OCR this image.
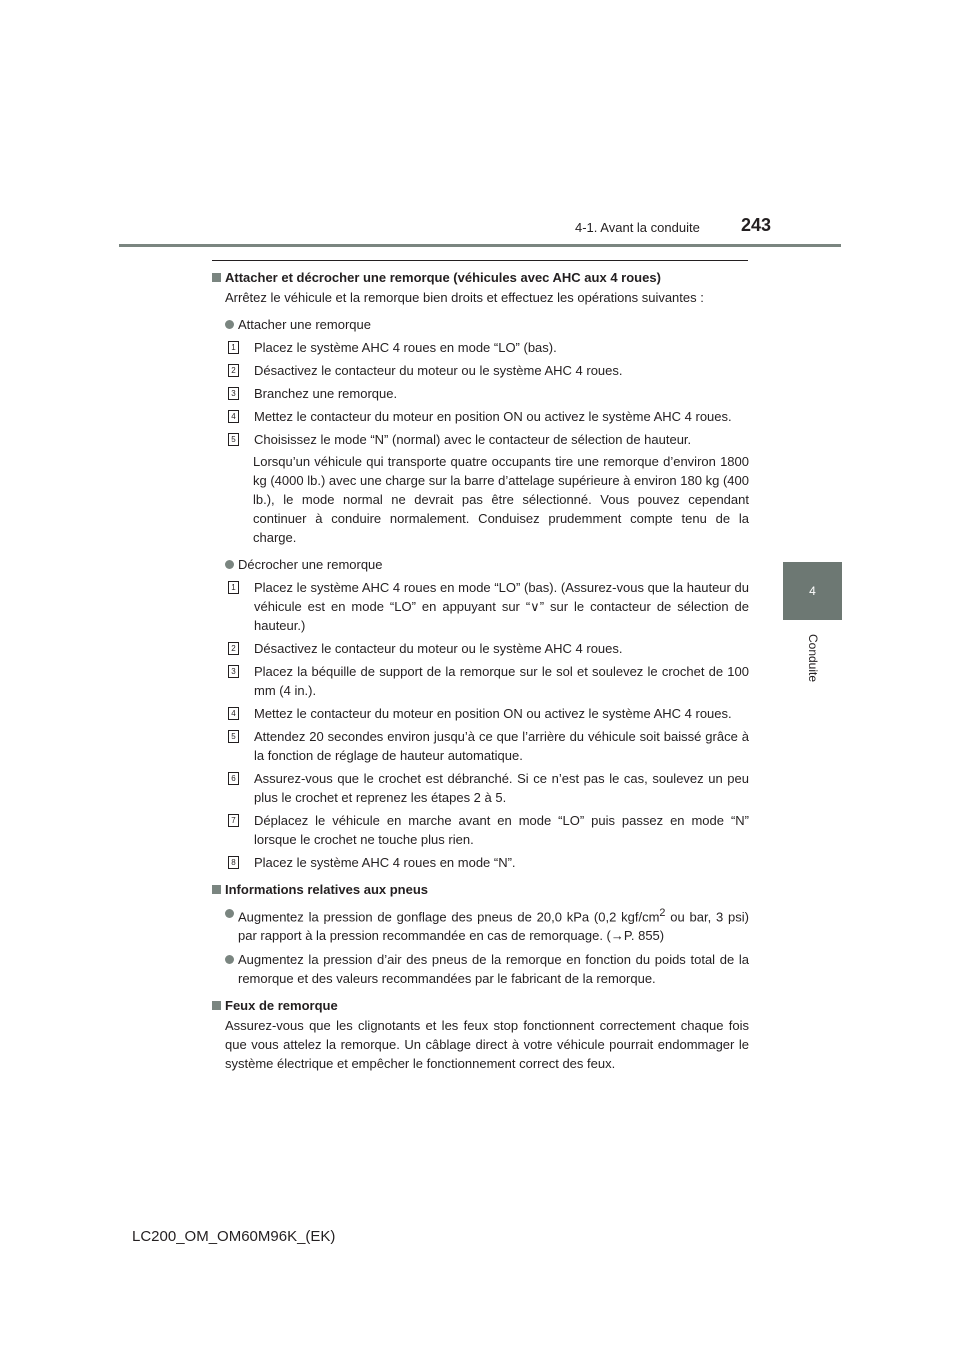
243
4-1. Avant la conduite
4
Conduite

Attacher et décrocher une remorque (véhicules avec AHC aux 4 roues)

Arrêtez le véhicule et la remorque bien droits et effectuez les opérations suivantes :

Attacher une remorque
1 Placez le système AHC 4 roues en mode “LO” (bas).
2 Désactivez le contacteur du moteur ou le système AHC 4 roues.
3 Branchez une remorque.
4 Mettez le contacteur du moteur en position ON ou activez le système AHC 4 roues.
5 Choisissez le mode “N” (normal) avec le contacteur de sélection de hauteur.

Lorsqu’un véhicule qui transporte quatre occupants tire une remorque d’environ 1800 kg (4000 lb.) avec une charge sur la barre d’attelage supérieure à environ 180 kg (400 lb.), le mode normal ne devrait pas être sélectionné. Vous pouvez cependant continuer à conduire normalement. Conduisez prudemment compte tenu de la charge.

Décrocher une remorque
1 Placez le système AHC 4 roues en mode “LO” (bas). (Assurez-vous que la hauteur du véhicule est en mode “LO” en appuyant sur “∨” sur le contacteur de sélection de hauteur.)
2 Désactivez le contacteur du moteur ou le système AHC 4 roues.
3 Placez la béquille de support de la remorque sur le sol et soulevez le crochet de 100 mm (4 in.).
4 Mettez le contacteur du moteur en position ON ou activez le système AHC 4 roues.
5 Attendez 20 secondes environ jusqu’à ce que l’arrière du véhicule soit baissé grâce à la fonction de réglage de hauteur automatique.
6 Assurez-vous que le crochet est débranché. Si ce n’est pas le cas, soulevez un peu plus le crochet et reprenez les étapes 2 à 5.
7 Déplacez le véhicule en marche avant en mode “LO” puis passez en mode “N” lorsque le crochet ne touche plus rien.
8 Placez le système AHC 4 roues en mode “N”.

Informations relatives aux pneus

Augmentez la pression de gonflage des pneus de 20,0 kPa (0,2 kgf/$cm^2$ ou bar, 3 psi) par rapport à la pression recommandée en cas de remorquage. (→P. 855)
Augmentez la pression d’air des pneus de la remorque en fonction du poids total de la remorque et des valeurs recommandées par le fabricant de la remorque.

Feux de remorque

Assurez-vous que les clignotants et les feux stop fonctionnent correctement chaque fois que vous attelez la remorque. Un câblage direct à votre véhicule pourrait endommager le système électrique et empêcher le fonctionnement correct des feux.

LC200_OM_OM60M96K_(EK)
